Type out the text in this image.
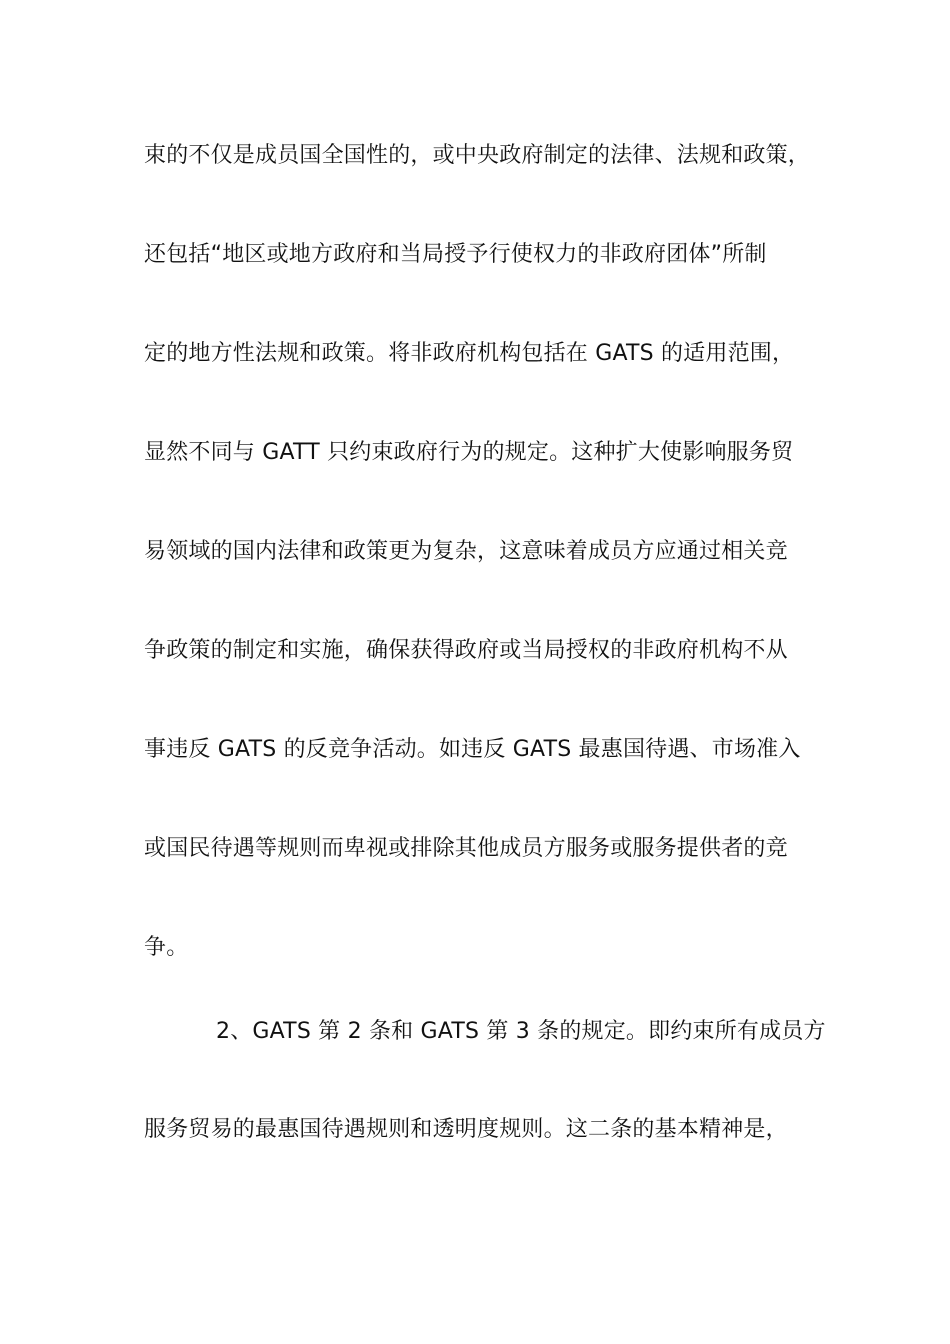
束的不仅是成员国全国性的，或中央政府制定的法律、法规和政策，
还包括“地区或地方政府和当局授予行使权力的非政府团体”所制
定的地方性法规和政策。将非政府机构包括在 GATS 的适用范围，
显然不同与 GATT 只约束政府行为的规定。这种扩大使影响服务贸
易领域的国内法律和政策更为复杂，这意味着成员方应通过相关竞
争政策的制定和实施，确保获得政府或当局授权的非政府机构不从
事违反 GATS 的反竞争活动。如违反 GATS 最惠国待遇、市场准入
或国民待遇等规则而卑视或排除其他成员方服务或服务提供者的竞
争。
2、GATS 第 2 条和 GATS 第 3 条的规定。即约束所有成员方
服务贸易的最惠国待遇规则和透明度规则。这二条的基本精神是，
